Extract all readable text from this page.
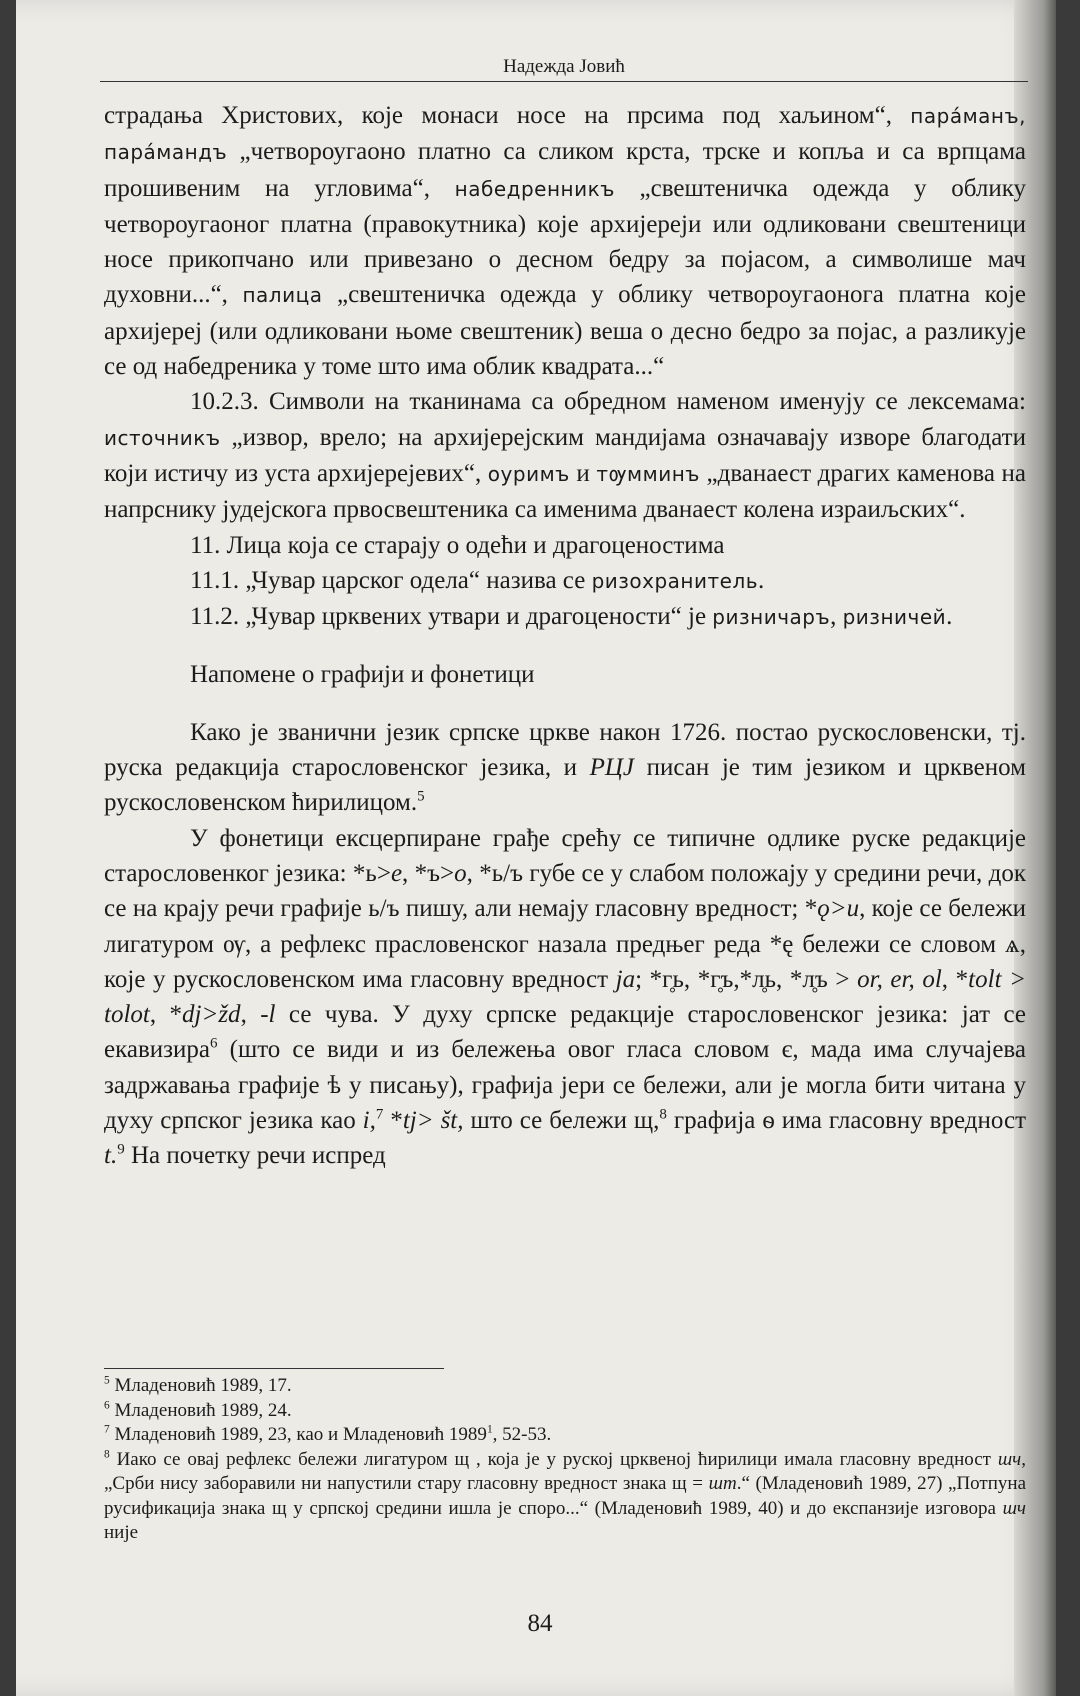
Надежда Јовић

страдања Христових, које монаси носе на прсима под хаљином“, пара́манъ, пара́мандъ „четвороугаоно платно са сликом крста, трске и копља и са врпцама прошивеним на угловима“, набедренникъ „свештеничка одежда у облику четвороугаоног платна (правокутника) које архијереји или одликовани свештеници носе прикопчано или привезано о десном бедру за појасом, а символише мач духовни...“, палица „свештеничка одежда у облику четвороугаонога платна које архијереј (или одликовани њоме свештеник) веша о десно бедро за појас, а разликује се од набедреника у томе што има облик квадрата...“

10.2.3. Символи на тканинама са обредном наменом именују се лексемама: источникъ „извор, врело; на архијерејским мандијама означавају изворе благодати који истичу из уста архијерејевих“, оуримъ и тѹмминъ „дванаест драгих каменова на напрснику јудејскога првосвештеника са именима дванаест колена израиљских“.

11. Лица која се старају о одећи и драгоценостима

11.1. „Чувар царског одела“ назива се ризохранитель.

11.2. „Чувар црквених утвари и драгоцености“ је ризничаръ, ризничей.

Напомене о графији и фонетици

Како је званични језик српске цркве након 1726. постао рускословенски, тј. руска редакција старословенског језика, и РЦЈ писан је тим језиком и црквеном рускословенском ћирилицом.$^5$

У фонетици ексцерпиране грађе срећу се типичне одлике руске редакције старословенког језика: *ь>e, *ъ>o, *ь/ъ губе се у слабом положају у средини речи, док се на крају речи графије ь/ъ пишу, али немају гласовну вредност; *ǫ>u, које се бележи лигатуром ѹ, а рефлекс прасловенског назала предњег реда *ę бележи се словом ѧ, које у рускословенском има гласовну вредност ja; *г̥ь, *г̥ъ,*л̥ь, *л̥ъ > or, er, ol, *tolt > tolot, *dj>žd, -l се чува. У духу српске редакције старословенског језика: јат се екавизира$^6$ (што се види и из бележења овог гласа словом є, мада има случајева задржавања графије ѣ у писању), графија јери се бележи, али је могла бити читана у духу српског језика као i,$^7$ *tj> št, што се бележи щ,$^8$ графија ѳ има гласовну вредност t.$^9$ На почетку речи испред

$^5$ Младеновић 1989, 17.

$^6$ Младеновић 1989, 24.

$^7$ Младеновић 1989, 23, као и Младеновић 1989$^1$, 52-53.

$^8$ Иако се овај рефлекс бележи лигатуром щ , која је у руској црквеној ћирилици имала гласовну вредност шч, „Срби нису заборавили ни напустили стару гласовну вредност знака щ = шт.“ (Младеновић 1989, 27) „Потпуна русификација знака щ у српској средини ишла је споро...“ (Младеновић 1989, 40) и до експанзије изговора шч није

84
